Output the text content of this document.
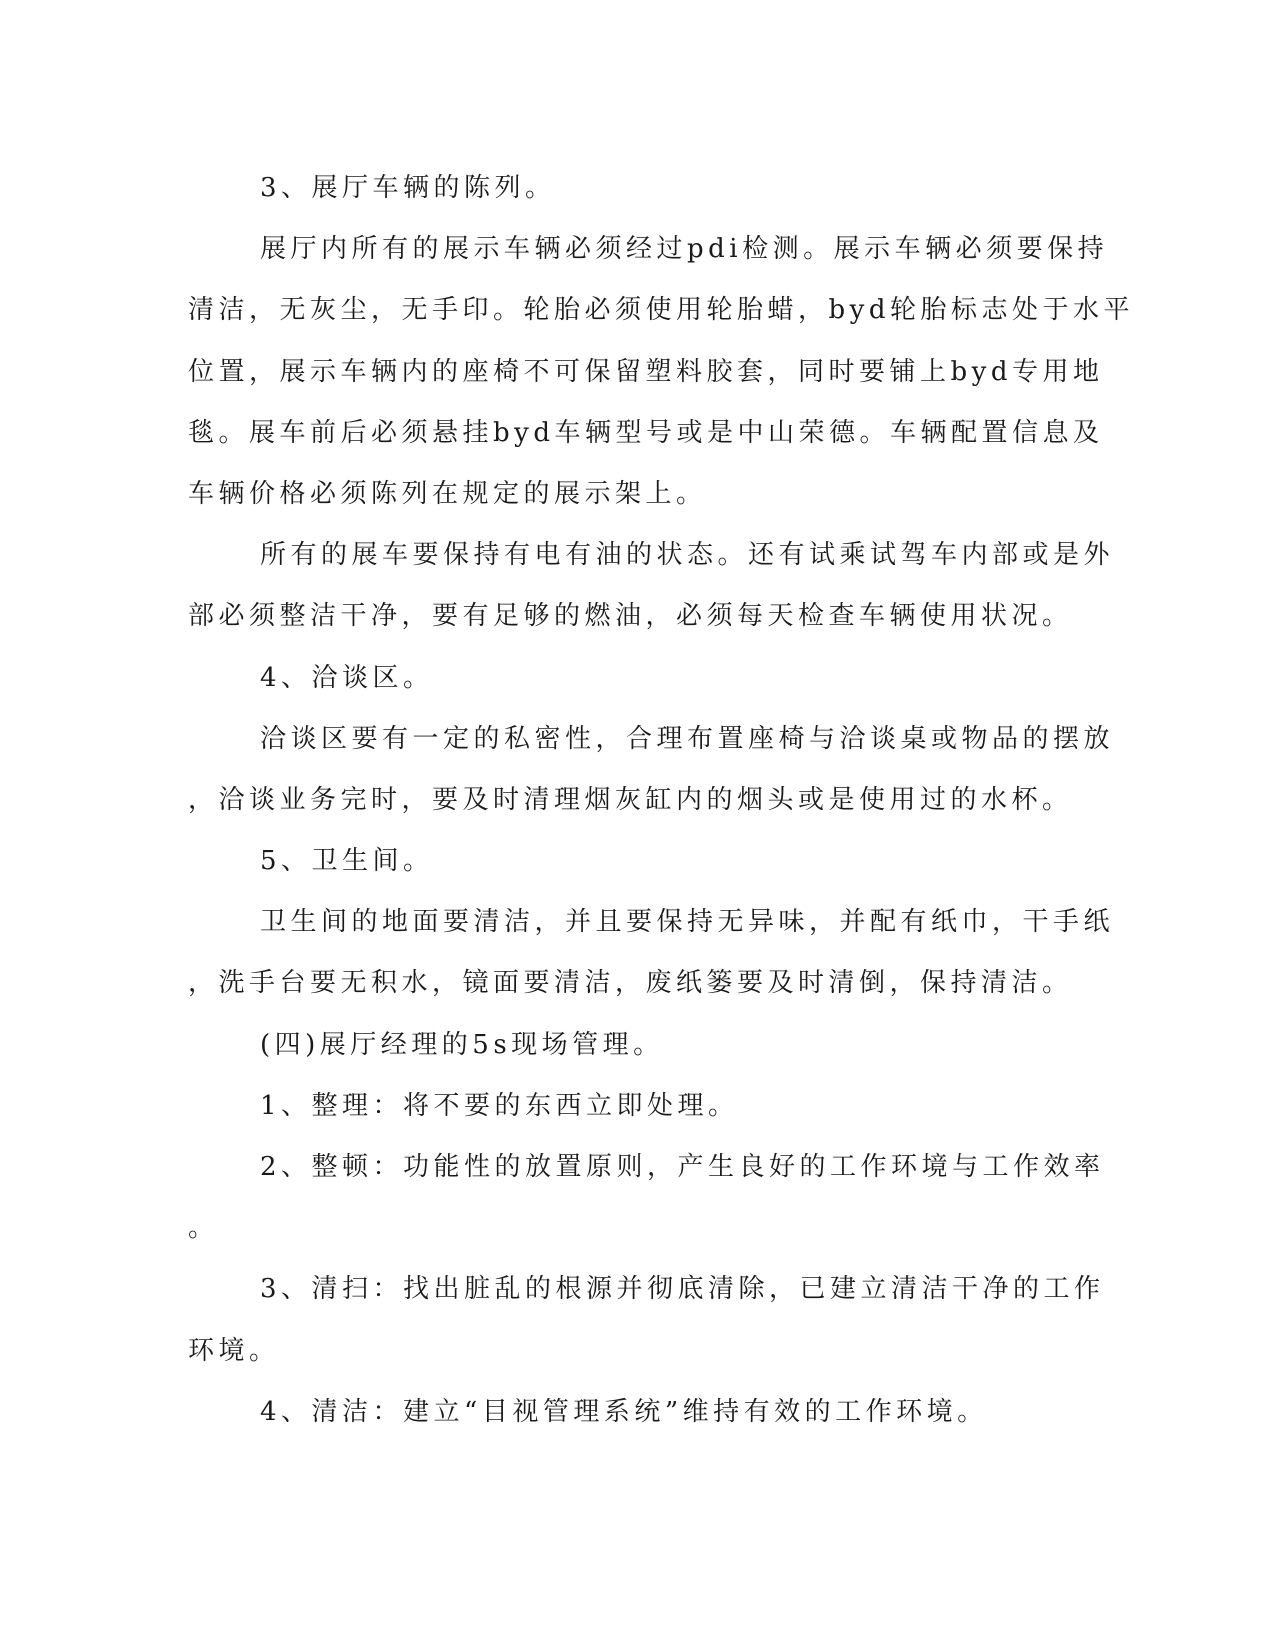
3、展厅车辆的陈列。

展厅内所有的展示车辆必须经过pdi检测。展示车辆必须要保持

清洁，无灰尘，无手印。轮胎必须使用轮胎蜡，byd轮胎标志处于水平

位置，展示车辆内的座椅不可保留塑料胶套，同时要铺上byd专用地

毯。展车前后必须悬挂byd车辆型号或是中山荣德。车辆配置信息及

车辆价格必须陈列在规定的展示架上。

所有的展车要保持有电有油的状态。还有试乘试驾车内部或是外

部必须整洁干净，要有足够的燃油，必须每天检查车辆使用状况。

4、洽谈区。

洽谈区要有一定的私密性，合理布置座椅与洽谈桌或物品的摆放

，洽谈业务完时，要及时清理烟灰缸内的烟头或是使用过的水杯。

5、卫生间。

卫生间的地面要清洁，并且要保持无异味，并配有纸巾，干手纸

，洗手台要无积水，镜面要清洁，废纸篓要及时清倒，保持清洁。

(四)展厅经理的5s现场管理。

1、整理：将不要的东西立即处理。

2、整顿：功能性的放置原则，产生良好的工作环境与工作效率

。

3、清扫：找出脏乱的根源并彻底清除，已建立清洁干净的工作

环境。

4、清洁：建立“目视管理系统”维持有效的工作环境。
